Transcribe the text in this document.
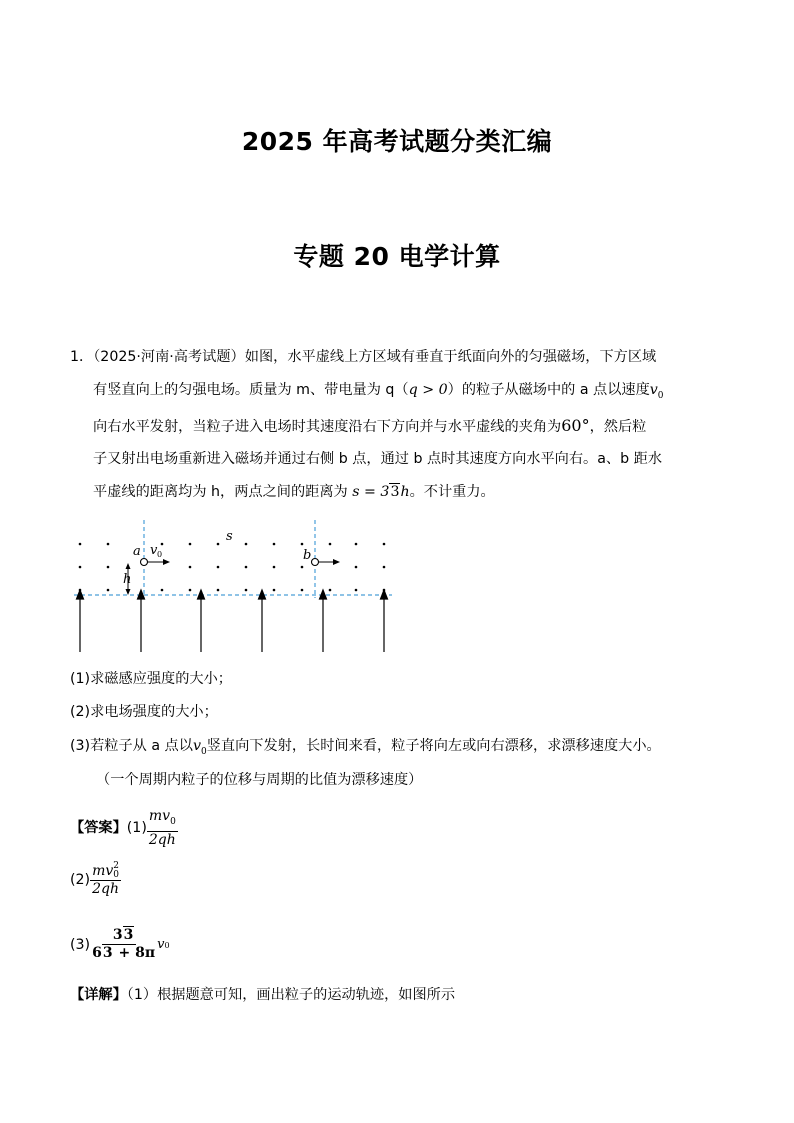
2025 年高考试题分类汇编
专题 20 电学计算
1．（2025·河南·高考试题）如图，水平虚线上方区域有垂直于纸面向外的匀强磁场，下方区域
有竖直向上的匀强电场。质量为 m、带电量为 q（q > 0）的粒子从磁场中的 a 点以速度$v_0$
向右水平发射，当粒子进入电场时其速度沿右下方向并与水平虚线的夹角为60°，然后粒
子又射出电场重新进入磁场并通过右侧 b 点，通过 b 点时其速度方向水平向右。a、b 距水
平虚线的距离均为 h，两点之间的距离为 s = 33h。不计重力。
s
a v 0	b
h
(1)求磁感应强度的大小；
(2)求电场强度的大小；
(3)若粒子从 a 点以$v_0$竖直向下发射，长时间来看，粒子将向左或向右漂移，求漂移速度大小。
（一个周期内粒子的位移与周期的比值为漂移速度）
【答案】 $(1) \frac{mv_0}{2qh}$
(2) mv 2
0
2qh
$(3) \frac{33}{63 + 8\pi}$ v 0
【详解】（1）根据题意可知，画出粒子的运动轨迹，如图所示
